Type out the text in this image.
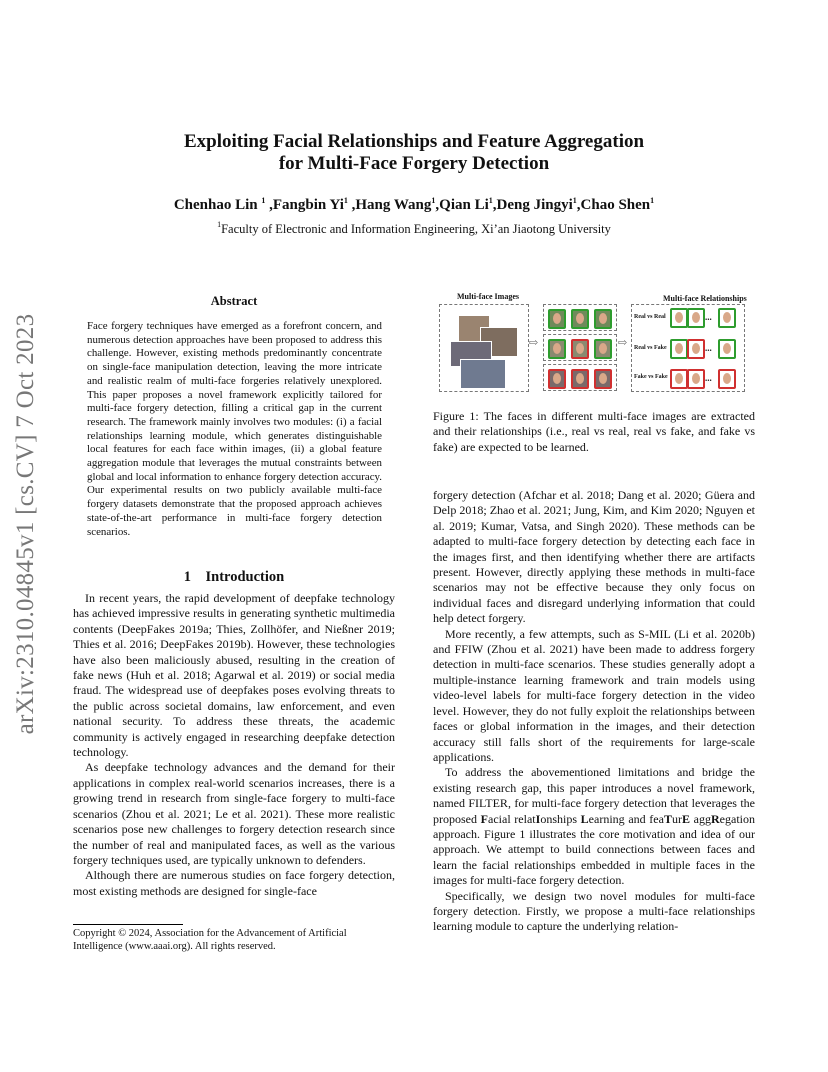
arXiv:2310.04845v1 [cs.CV] 7 Oct 2023
Exploiting Facial Relationships and Feature Aggregation
for Multi-Face Forgery Detection
Chenhao Lin $^1$ ,Fangbin Yi$^1$ ,Hang Wang$^1$,Qian Li$^1$,Deng Jingyi$^1$,Chao Shen$^1$
$^1$Faculty of Electronic and Information Engineering, Xi’an Jiaotong University
Abstract
Face forgery techniques have emerged as a forefront concern, and numerous detection approaches have been proposed to address this challenge. However, existing methods predominantly concentrate on single-face manipulation detection, leaving the more intricate and realistic realm of multi-face forgeries relatively unexplored. This paper proposes a novel framework explicitly tailored for multi-face forgery detection, filling a critical gap in the current research. The framework mainly involves two modules: (i) a facial relationships learning module, which generates distinguishable local features for each face within images, (ii) a global feature aggregation module that leverages the mutual constraints between global and local information to enhance forgery detection accuracy. Our experimental results on two publicly available multi-face forgery datasets demonstrate that the proposed approach achieves state-of-the-art performance in multi-face forgery detection scenarios.
1    Introduction
In recent years, the rapid development of deepfake technology has achieved impressive results in generating synthetic multimedia contents (DeepFakes 2019a; Thies, Zollhöfer, and Nießner 2019; Thies et al. 2016; DeepFakes 2019b). However, these technologies have also been maliciously abused, resulting in the creation of fake news (Huh et al. 2018; Agarwal et al. 2019) or social media fraud. The widespread use of deepfakes poses evolving threats to the public across societal domains, law enforcement, and even national security. To address these threats, the academic community is actively engaged in researching deepfake detection technology.
As deepfake technology advances and the demand for their applications in complex real-world scenarios increases, there is a growing trend in research from single-face forgery to multi-face scenarios (Zhou et al. 2021; Le et al. 2021). These more realistic scenarios pose new challenges to forgery detection research since the number of real and manipulated faces, as well as the various forgery techniques used, are typically unknown to defenders.
Although there are numerous studies on face forgery detection, most existing methods are designed for single-face
Copyright © 2024, Association for the Advancement of Artificial Intelligence (www.aaai.org). All rights reserved.
Multi-face Images	Multi-face Relationships
⇨	⇨
Real vs Real	...
Real vs Fake	...
Fake vs Fake	...
Figure 1: The faces in different multi-face images are extracted and their relationships (i.e., real vs real, real vs fake, and fake vs fake) are expected to be learned.
forgery detection (Afchar et al. 2018; Dang et al. 2020; Güera and Delp 2018; Zhao et al. 2021; Jung, Kim, and Kim 2020; Nguyen et al. 2019; Kumar, Vatsa, and Singh 2020). These methods can be adapted to multi-face forgery detection by detecting each face in the images first, and then identifying whether there are artifacts present. However, directly applying these methods in multi-face scenarios may not be effective because they only focus on individual faces and disregard underlying information that could help detect forgery.
More recently, a few attempts, such as S-MIL (Li et al. 2020b) and FFIW (Zhou et al. 2021) have been made to address forgery detection in multi-face scenarios. These studies generally adopt a multiple-instance learning framework and train models using video-level labels for multi-face forgery detection in the video level. However, they do not fully exploit the relationships between faces or global information in the images, and their detection accuracy still falls short of the requirements for large-scale applications.
To address the abovementioned limitations and bridge the existing research gap, this paper introduces a novel framework, named FILTER, for multi-face forgery detection that leverages the proposed Facial relatIonships Learning and feaTurE aggRegation approach. Figure 1 illustrates the core motivation and idea of our approach. We attempt to build connections between faces and learn the facial relationships embedded in multiple faces in the images for multi-face forgery detection.
Specifically, we design two novel modules for multi-face forgery detection. Firstly, we propose a multi-face relationships learning module to capture the underlying relation-
